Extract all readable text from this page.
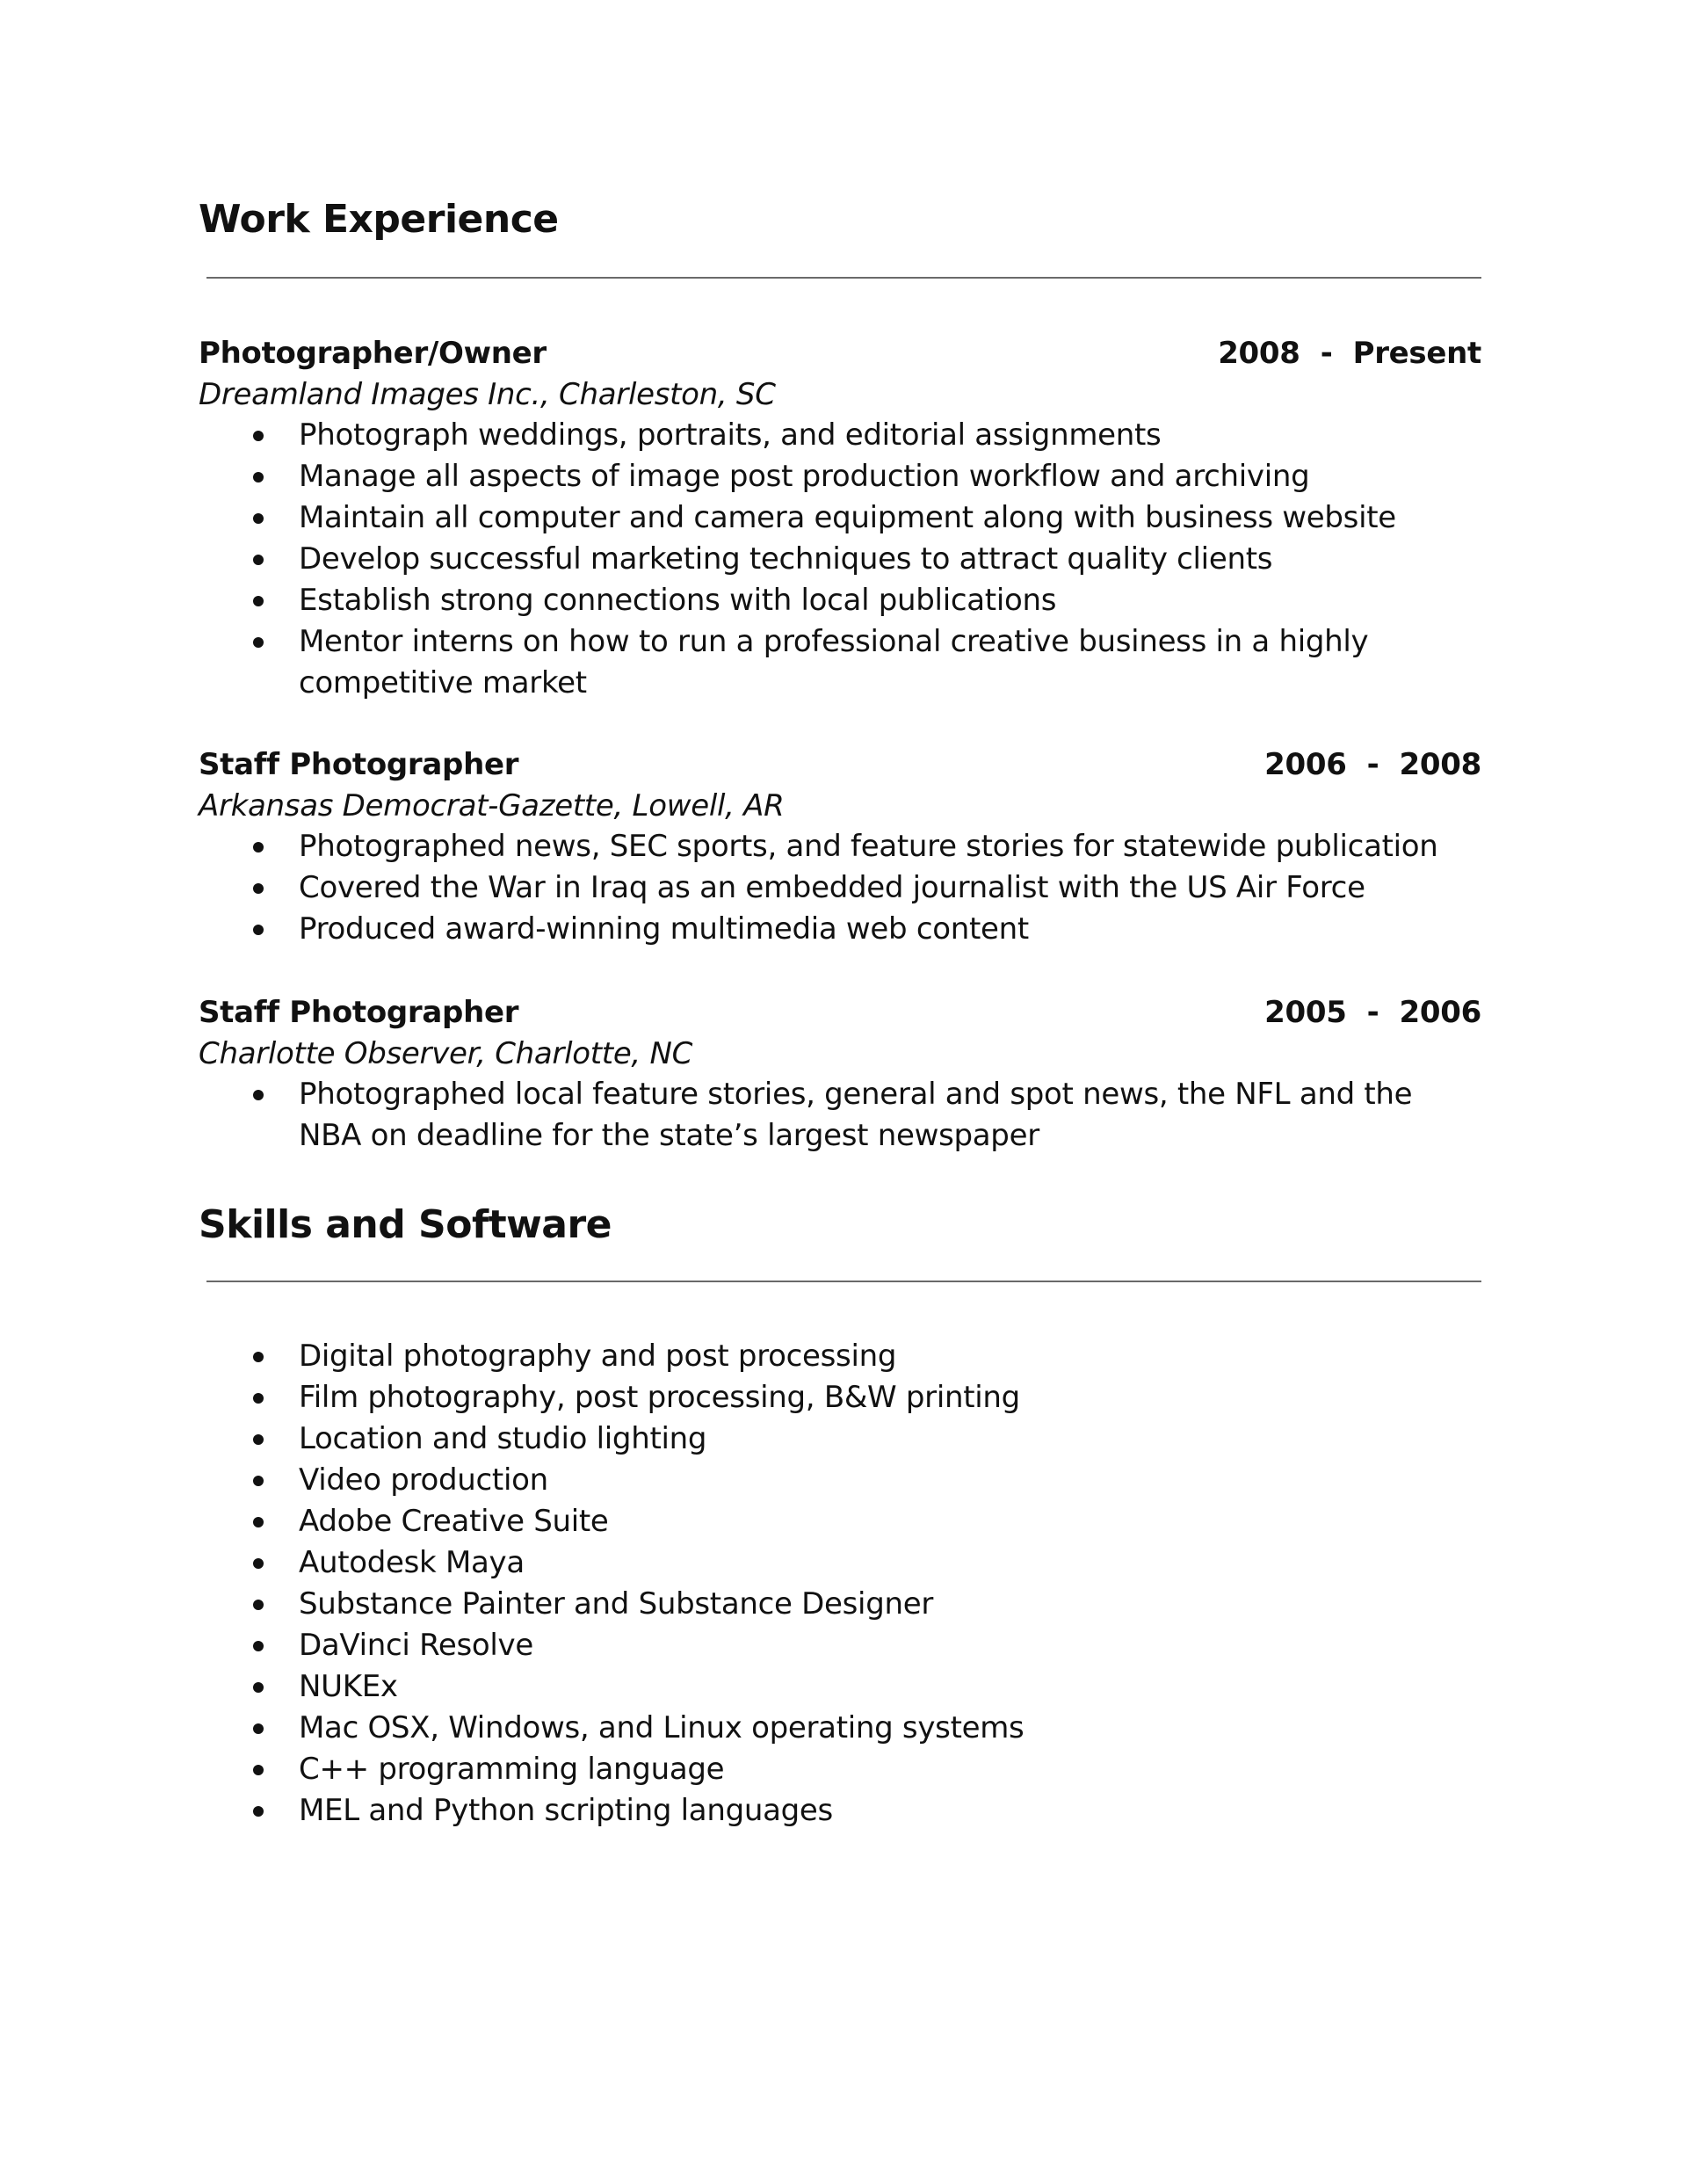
Work Experience
Photographer/Owner	2008  -  Present
Dreamland Images Inc., Charleston, SC
Photograph weddings, portraits, and editorial assignments
Manage all aspects of image post production workflow and archiving
Maintain all computer and camera equipment along with business website
Develop successful marketing techniques to attract quality clients
Establish strong connections with local publications
Mentor interns on how to run a professional creative business in a highly competitive market
Staff Photographer	2006  -  2008
Arkansas Democrat-Gazette, Lowell, AR
Photographed news, SEC sports, and feature stories for statewide publication
Covered the War in Iraq as an embedded journalist with the US Air Force
Produced award-winning multimedia web content
Staff Photographer	2005  -  2006
Charlotte Observer, Charlotte, NC
Photographed local feature stories, general and spot news, the NFL and the NBA on deadline for the state’s largest newspaper
Skills and Software
Digital photography and post processing
Film photography, post processing, B&W printing
Location and studio lighting
Video production
Adobe Creative Suite
Autodesk Maya
Substance Painter and Substance Designer
DaVinci Resolve
NUKEx
Mac OSX, Windows, and Linux operating systems
C++ programming language
MEL and Python scripting languages
